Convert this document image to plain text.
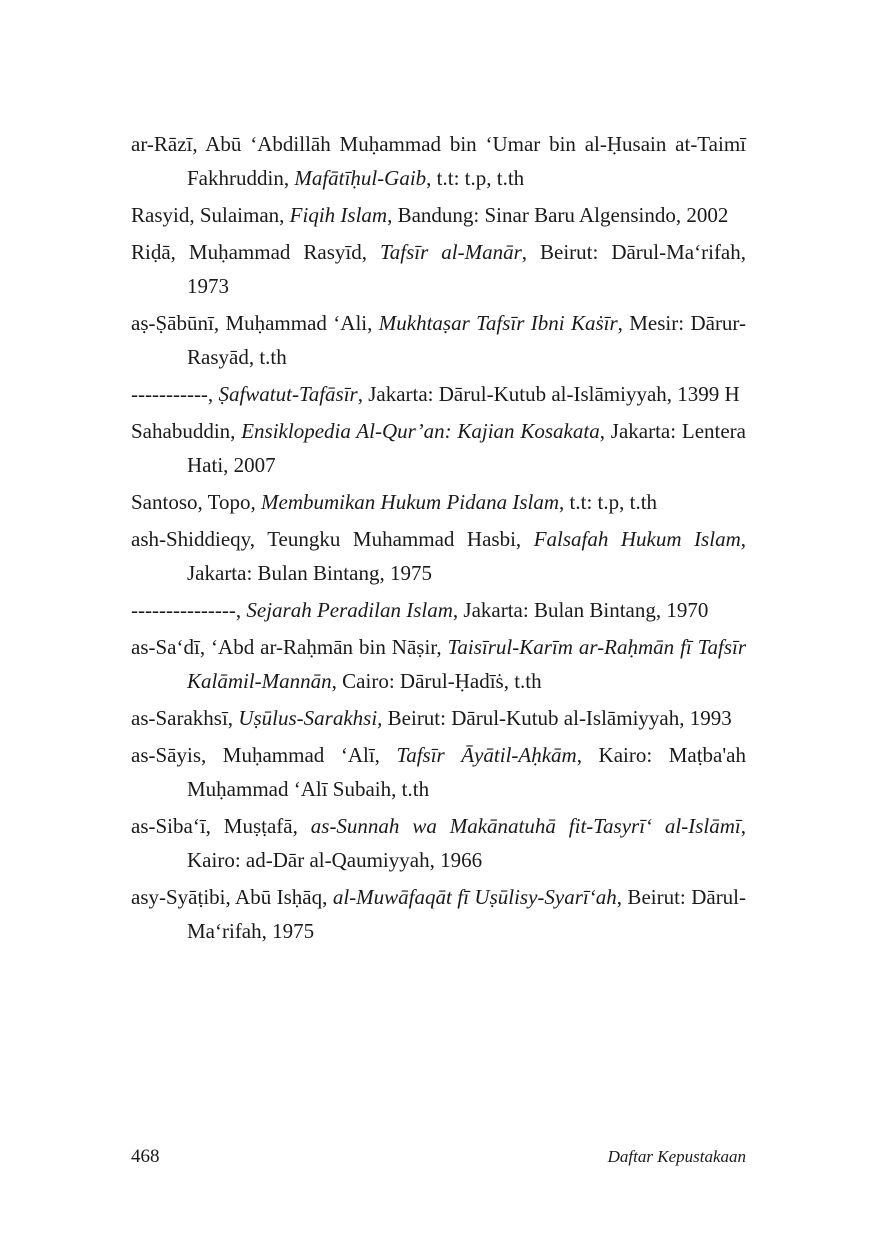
ar-Rāzī, Abū ‘Abdillāh Muḥammad bin ‘Umar bin al-Ḥusain at-Taimī Fakhruddin, Mafātīḥul-Gaib, t.t: t.p, t.th
Rasyid, Sulaiman, Fiqih Islam, Bandung: Sinar Baru Algensindo, 2002
Riḍā, Muḥammad Rasyīd, Tafsīr al-Manār, Beirut: Dārul-Ma‘rifah, 1973
aṣ-Ṣābūnī, Muḥammad ‘Ali, Mukhtaṣar Tafsīr Ibni Kaṡīr, Mesir: Dārur-Rasyād, t.th
-----------, Ṣafwatut-Tafāsīr, Jakarta: Dārul-Kutub al-Islāmiyyah, 1399 H
Sahabuddin, Ensiklopedia Al-Qur’an: Kajian Kosakata, Jakarta: Lentera Hati, 2007
Santoso, Topo, Membumikan Hukum Pidana Islam, t.t: t.p, t.th
ash-Shiddieqy, Teungku Muhammad Hasbi, Falsafah Hukum Islam, Jakarta: Bulan Bintang, 1975
---------------, Sejarah Peradilan Islam, Jakarta: Bulan Bintang, 1970
as-Sa‘dī, ‘Abd ar-Raḥmān bin Nāṣir, Taisīrul-Karīm ar-Raḥmān fī Tafsīr Kalāmil-Mannān, Cairo: Dārul-Ḥadīṡ, t.th
as-Sarakhsī, Uṣūlus-Sarakhsi, Beirut: Dārul-Kutub al-Islāmiyyah, 1993
as-Sāyis, Muḥammad ‘Alī, Tafsīr Āyātil-Aḥkām, Kairo: Maṭba'ah Muḥammad ‘Alī Subaih, t.th
as-Siba‘ī, Muṣṭafā, as-Sunnah wa Makānatuhā fit-Tasyrī‘ al-Islāmī, Kairo: ad-Dār al-Qaumiyyah, 1966
asy-Syāṭibi, Abū Isḥāq, al-Muwāfaqāt fī Uṣūlisy-Syarī‘ah, Beirut: Dārul-Ma‘rifah, 1975
468	Daftar Kepustakaan
